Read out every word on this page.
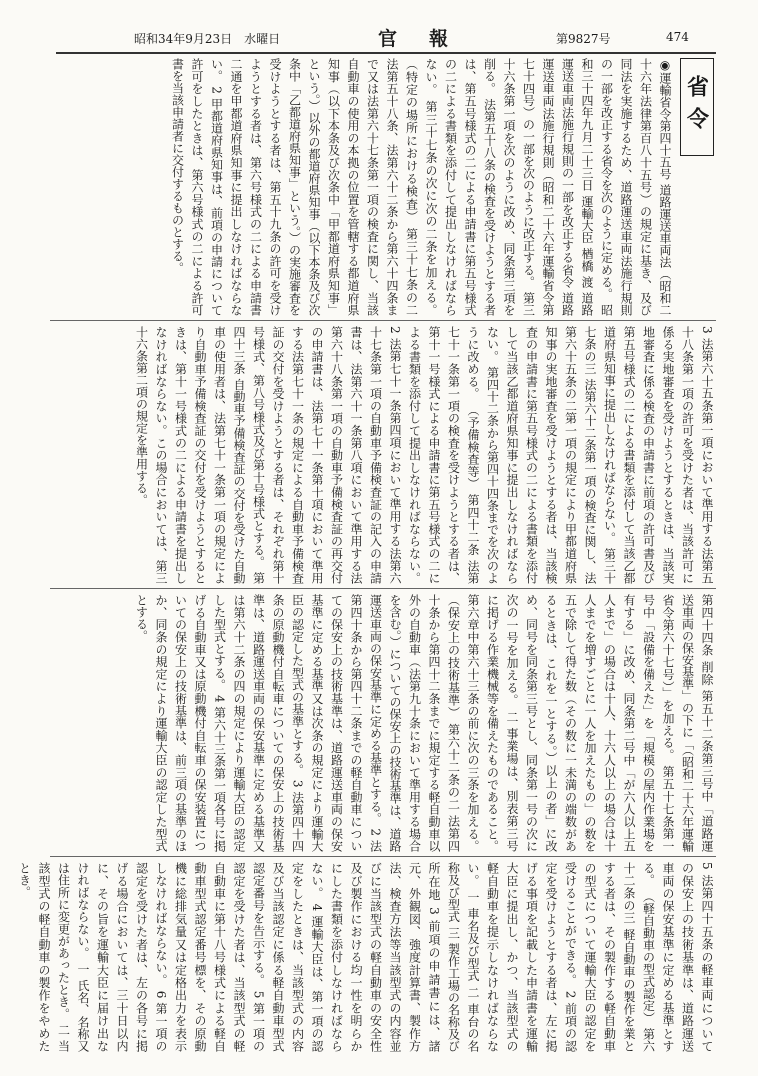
昭和34年9月23日　水曜日	官報	第9827号	474
省令

◉運輸省令第四十五号 道路運送車両法（昭和二十六年法律第百八十五号）の規定に基き、及び同法を実施するため、道路運送車両法施行規則の一部を改正する省令を次のように定める。 昭和三十四年九月二十三日 運輸大臣 楢橋 渡 道路運送車両法施行規則の一部を改正する省令 道路運送車両法施行規則（昭和二十六年運輸省令第七十四号）の一部を次のように改正する。 第三十六条第一項を次のように改め、同条第三項を削る。 法第五十八条の検査を受けようとする者は、第五号様式の二による申請書に第五号様式の二による書類を添付して提出しなければならない。 第三十七条の次に次の二条を加える。 （特定の場所における検査） 第三十七条の二 法第五十八条、法第六十二条から第六十四条まで又は法第六十七条第一項の検査に関し、当該自動車の使用の本拠の位置を管轄する都道府県知事（以下本条及び次条中「甲都道府県知事」という。）以外の都道府県知事（以下本条及び次条中「乙都道府県知事」という。）の実施審査を受けようとする者は、第五十九条の許可を受けようとする者は、第六号様式の二による申請書二通を甲都道府県知事に提出しなければならない。 2 甲都道府県知事は、前項の申請について許可をしたときは、第六号様式の二による許可書を当該申請者に交付するものとする。

3 法第六十五条第一項において準用する法第五十八条第一項の許可を受けた者は、当該許可に係る実地審査を受けようとするときは、当該実地審査に係る検査の申請書に前項の許可書及び第五号様式の二による書類を添付して当該乙都道府県知事に提出しなければならない。 第三十七条の三 法第六十二条第一項の検査に関し、法第六十五条の二第一項の規定により甲都道府県知事の実地審査を受けようとする者は、当該検査の申請書に第五号様式の二による書類を添付して当該乙都道府県知事に提出しなければならない。 第四十二条から第四十四条までを次のように改める。 （予備検査等） 第四十二条 法第七十一条第一項の検査を受けようとする者は、第十一号様式による申請書に第五号様式の二による書類を添付して提出しなければならない。 2 法第七十一条第四項において準用する法第六十七条第一項の自動車予備検査証の記入の申請書は、法第六十一条第八項において準用する法第六十八条第一項の自動車予備検査証の再交付の申請書は、法第七十一条第十項において準用する法第七十一条の規定による自動車予備検査証の交付を受けようとする者は、それぞれ第十号様式、第八号様式及び第十号様式とする。 第四十三条 自動車予備検査証の交付を受けた自動車の使用者は、法第七十一条第一項の規定により自動車予備検査証の交付を受けようとするときは、第十一号様式の二による申請書を提出しなければならない。この場合においては、第三十六条第二項の規定を準用する。

第四十四条 削除 第五十二条第三号中「道路運送車両の保安基準」の下に「（昭和二十六年運輸省令第六十七号）」を加える。 第五十七条第一号中「設備を備えた」を「規模の屋内作業場を有する」に改め、同条第二号中「が六人以上五人まで」の場合は十人、十六人以上の場合は十人までを増すごとに一人を加えたもの」の数を五で除して得た数（その数に一未満の端数があるときは、これを一とする。）以上の者」に改め、同号を同条第三号とし、同条第一号の次に次の一号を加える。 二 事業場は、別表第三号に掲げる作業機械等を備えたものであること。 第六章中第六十三条の前に次の三条を加える。 （保安上の技術基準） 第六十二条の二 法第四十条から第四十二条までに規定する軽自動車以外の自動車（法第九十条において準用する場合を含む。）についての保安上の技術基準は、道路運送車両の保安基準に定める基準とする。 2 法第四十条から第四十二条までの軽自動車についての保安上の技術基準は、道路運送車両の保安基準に定める基準又は次条の規定により運輸大臣の認定した型式の基準とする。 3 法第四十四条の原動機付自転車についての保安上の技術基準は、道路運送車両の保安基準に定める基準又は第六十二条の四の規定により運輸大臣の認定した型式とする。 4 第六十三条第一項各号に掲げる自動車又は原動機付自転車の保安装置についての保安上の技術基準は、前三項の基準のほか、同条の規定により運輸大臣の認定した型式とする。

5 法第四十五条の軽車両についての保安上の技術基準は、道路運送車両の保安基準に定める基準とする。 （軽自動車の型式認定） 第六十二条の三 軽自動車の製作を業とする者は、その製作する軽自動車の型式について運輸大臣の認定を受けることができる。 2 前項の認定を受けようとする者は、左に掲げる事項を記載した申請書を運輸大臣に提出し、かつ、当該型式の軽自動車を提示しなければならない。 一 車名及び型式 二 車台の名称及び型式 三 製作工場の名称及び所在地 3 前項の申請書には、諸元、外観図、強度計算書、製作方法、検査方法等当該型式の内容並びに当該型式の軽自動車の安全性及び製作における均一性を明らかにした書類を添付しなければならない。 4 運輸大臣は、第一項の認定をしたときは、当該型式の内容及び当該認定に係る軽自動車型式認定番号を告示する。 5 第一項の認定を受けた者は、当該型式の軽自動車に第十八号様式による軽自動車型式認定番号標を、その原動機に総排気量又は定格出力を表示しなければならない。 6 第一項の認定を受けた者は、左の各号に掲げる場合においては、三十日以内に、その旨を運輸大臣に届け出なければならない。 一 氏名、名称又は住所に変更があったとき。 二 当該型式の軽自動車の製作をやめたとき。
